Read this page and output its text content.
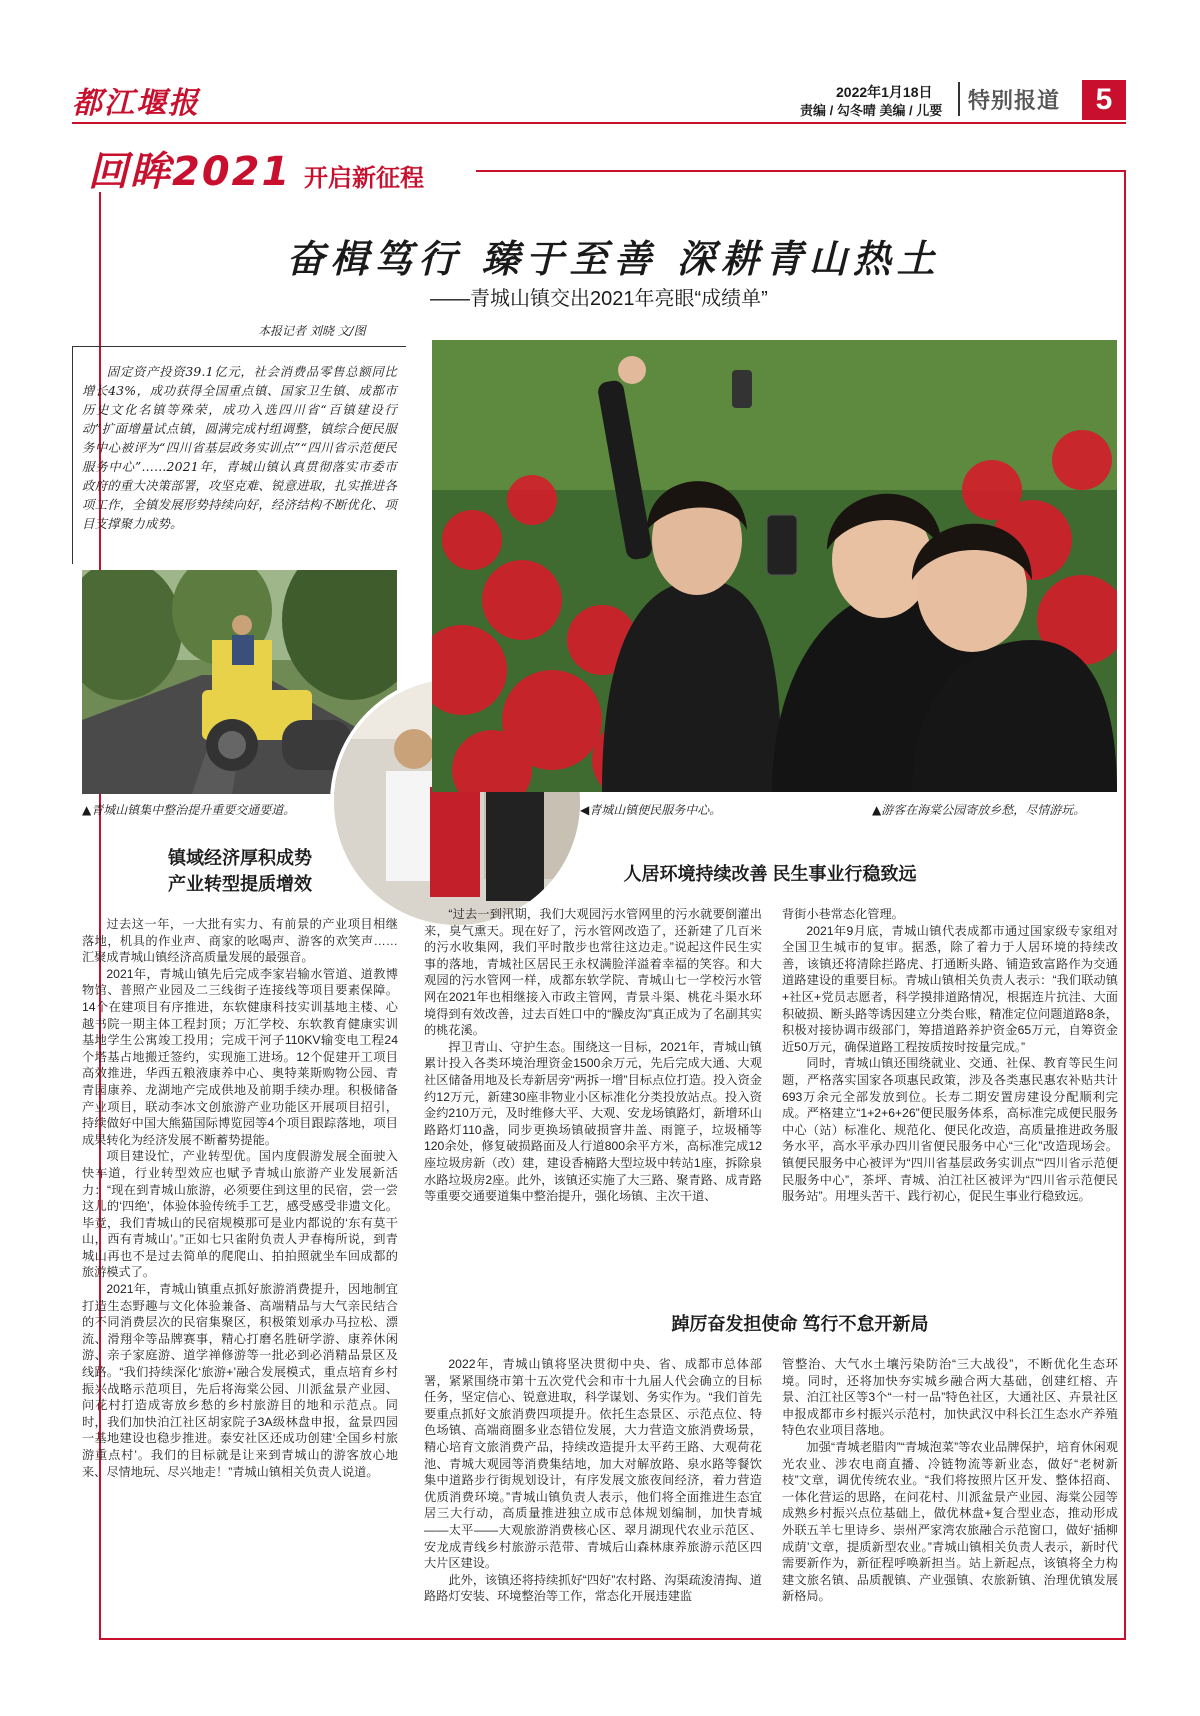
都江堰报	2022年1月18日
责编 / 勾冬晴 美编 / 儿要 特别报道	5
回眸2021 开启新征程
奋楫笃行 臻于至善 深耕青山热土
——青城山镇交出2021年亮眼“成绩单”
本报记者 刘晓 文/图
固定资产投资39.1亿元，社会消费品零售总额同比增长43%，成功获得全国重点镇、国家卫生镇、成都市历史文化名镇等殊荣，成功入选四川省“百镇建设行动”扩面增量试点镇，圆满完成村组调整，镇综合便民服务中心被评为“四川省基层政务实训点”“四川省示范便民服务中心”……2021年，青城山镇认真贯彻落实市委市政府的重大决策部署，攻坚克难、锐意进取，扎实推进各项工作，全镇发展形势持续向好，经济结构不断优化、项目支撑聚力成势。
▲青城山镇集中整治提升重要交通要道。	◀青城山镇便民服务中心。	▲游客在海棠公园寄放乡愁，尽情游玩。
镇域经济厚积成势
产业转型提质增效

过去这一年，一大批有实力、有前景的产业项目相继落地，机具的作业声、商家的吆喝声、游客的欢笑声……汇聚成青城山镇经济高质量发展的最强音。

2021年，青城山镇先后完成李家岩输水管道、道教博物馆、普照产业园及二三线街子连接线等项目要素保障。14个在建项目有序推进，东软健康科技实训基地主楼、心越书院一期主体工程封顶；万汇学校、东软教育健康实训基地学生公寓竣工投用；完成干河子110KV输变电工程24个塔基占地搬迁签约，实现施工进场。12个促建开工项目高效推进，华西五粮液康养中心、奥特莱斯购物公园、青青园康养、龙湖地产完成供地及前期手续办理。积极储备产业项目，联动李冰文创旅游产业功能区开展项目招引，持续做好中国大熊猫国际博览园等4个项目跟踪落地，项目成果转化为经济发展不断蓄势提能。

项目建设忙，产业转型优。国内度假游发展全面驶入快车道，行业转型效应也赋予青城山旅游产业发展新活力：“现在到青城山旅游，必须要住到这里的民宿，尝一尝这儿的‘四绝’，体验体验传统手工艺，感受感受非遗文化。毕竟，我们青城山的民宿规模那可是业内都说的‘东有莫干山，西有青城山’。”正如七只雀附负责人尹春梅所说，到青城山再也不是过去简单的爬爬山、拍拍照就坐车回成都的旅游模式了。

2021年，青城山镇重点抓好旅游消费提升，因地制宜打造生态野趣与文化体验兼备、高端精品与大气亲民结合的不同消费层次的民宿集聚区，积极策划承办马拉松、漂流、滑翔伞等品牌赛事，精心打磨名胜研学游、康养休闲游、亲子家庭游、道学禅修游等一批必到必消精品景区及线路。“我们持续深化‘旅游+’融合发展模式，重点培育乡村振兴战略示范项目，先后将海棠公园、川派盆景产业园、问花村打造成寄放乡愁的乡村旅游目的地和示范点。同时，我们加快泊江社区胡家院子3A级林盘申报，盆景四园一基地建设也稳步推进。泰安社区还成功创建‘全国乡村旅游重点村’。我们的目标就是让来到青城山的游客放心地来、尽情地玩、尽兴地走！”青城山镇相关负责人说道。

人居环境持续改善 民生事业行稳致远

“过去一到汛期，我们大观园污水管网里的污水就要倒灌出来，臭气熏天。现在好了，污水管网改造了，还新建了几百米的污水收集网，我们平时散步也常往这边走。”说起这件民生实事的落地，青城社区居民王永权满脸洋溢着幸福的笑容。和大观园的污水管网一样，成都东软学院、青城山七一学校污水管网在2021年也相继接入市政主管网，青景斗渠、桃花斗渠水环境得到有效改善，过去百姓口中的“臊皮沟”真正成为了名副其实的桃花溪。

捍卫青山、守护生态。围绕这一目标，2021年，青城山镇累计投入各类环境治理资金1500余万元，先后完成大通、大观社区储备用地及长寿新居旁“两拆一增”目标点位打造。投入资金约12万元，新建30座非物业小区标准化分类投放站点。投入资金约210万元，及时维修大平、大观、安龙场镇路灯，新增环山路路灯110盏，同步更换场镇破损窨井盖、雨篦子，垃圾桶等120余处，修复破损路面及人行道800余平方米，高标准完成12座垃圾房新（改）建，建设香楠路大型垃圾中转站1座，拆除泉水路垃圾房2座。此外，该镇还实施了大三路、聚青路、成青路等重要交通要道集中整治提升，强化场镇、主次干道、

背街小巷常态化管理。

2021年9月底，青城山镇代表成都市通过国家级专家组对全国卫生城市的复审。据悉，除了着力于人居环境的持续改善，该镇还将清除拦路虎、打通断头路、铺造致富路作为交通道路建设的重要目标。青城山镇相关负责人表示：“我们联动镇+社区+党员志愿者，科学摸排道路情况，根据连片抗洼、大面积破损、断头路等诱因建立分类台账，精准定位问题道路8条，积极对接协调市级部门，筹措道路养护资金65万元，自筹资金近50万元，确保道路工程按质按时按量完成。”

同时，青城山镇还围绕就业、交通、社保、教育等民生问题，严格落实国家各项惠民政策，涉及各类惠民惠农补贴共计693万余元全部发放到位。长寿二期安置房建设分配顺利完成。严格建立“1+2+6+26”便民服务体系，高标准完成便民服务中心（站）标准化、规范化、便民化改造，高质量推进政务服务水平，高水平承办四川省便民服务中心“三化”改造现场会。镇便民服务中心被评为“四川省基层政务实训点”“四川省示范便民服务中心”，茶坪、青城、泊江社区被评为“四川省示范便民服务站”。用埋头苦干、践行初心，促民生事业行稳致远。

踔厉奋发担使命 笃行不怠开新局

2022年，青城山镇将坚决贯彻中央、省、成都市总体部署，紧紧围绕市第十五次党代会和市十九届人代会确立的目标任务，坚定信心、锐意进取，科学谋划、务实作为。“我们首先要重点抓好文旅消费四项提升。依托生态景区、示范点位、特色场镇、高端商圈多业态错位发展，大力营造文旅消费场景，精心培育文旅消费产品，持续改造提升太平药王路、大观荷花池、青城大观园等消费集结地，加大对解放路、泉水路等餐饮集中道路步行街规划设计，有序发展文旅夜间经济，着力营造优质消费环境。”青城山镇负责人表示，他们将全面推进生态宜居三大行动，高质量推进独立成市总体规划编制，加快青城——太平——大观旅游消费核心区、翠月湖现代农业示范区、安龙成青线乡村旅游示范带、青城后山森林康养旅游示范区四大片区建设。

此外，该镇还将持续抓好“四好”农村路、沟渠疏浚清掏、道路路灯安装、环境整治等工作，常态化开展违建监

管整治、大气水土壤污染防治“三大战役”，不断优化生态环境。同时，还将加快夯实城乡融合两大基础，创建红榕、卉景、泊江社区等3个“一村一品”特色社区，大通社区、卉景社区申报成都市乡村振兴示范村，加快武汉中科长江生态水产养殖特色农业项目落地。

加强“青城老腊肉”“青城泡菜”等农业品牌保护，培育休闲观光农业、涉农电商直播、冷链物流等新业态，做好“老树新枝”文章，调优传统农业。“我们将按照片区开发、整体招商、一体化营运的思路，在问花村、川派盆景产业园、海棠公园等成熟乡村振兴点位基础上，做优林盘+复合型业态，推动形成外联五羊七里诗乡、崇州严家湾农旅融合示范窗口，做好‘插柳成荫’文章，提质新型农业。”青城山镇相关负责人表示，新时代需要新作为，新征程呼唤新担当。站上新起点，该镇将全力构建文旅名镇、品质靓镇、产业强镇、农旅新镇、治理优镇发展新格局。
